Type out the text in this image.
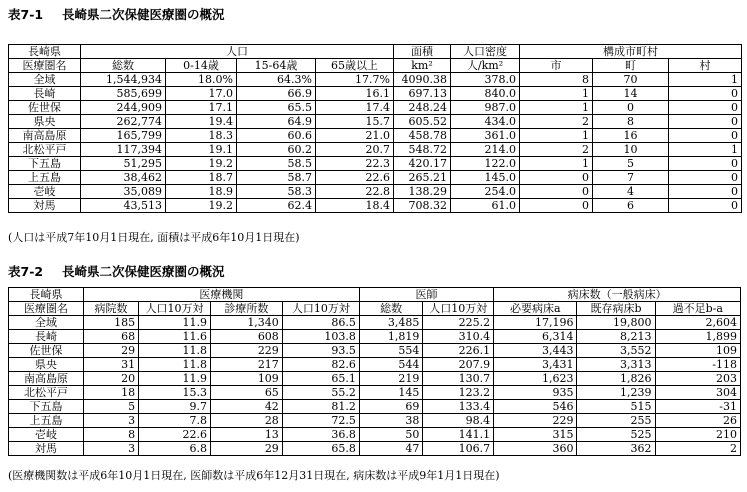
表7-1 長崎県二次保健医療圏の概況
長崎県	人口				面積	人口密度	構成市町村		
医療圏名	総数	0-14歳	15-64歳	65歳以上	km²	人/km²	市	町	村
全域	1,544,934	18.0%	64.3%	17.7%	4090.38	378.0	8	70	1
長崎	585,699	17.0	66.9	16.1	697.13	840.0	1	14	0
佐世保	244,909	17.1	65.5	17.4	248.24	987.0	1	0	0
県央	262,774	19.4	64.9	15.7	605.52	434.0	2	8	0
南高島原	165,799	18.3	60.6	21.0	458.78	361.0	1	16	0
北松平戸	117,394	19.1	60.2	20.7	548.72	214.0	2	10	1
下五島	51,295	19.2	58.5	22.3	420.17	122.0	1	5	0
上五島	38,462	18.7	58.7	22.6	265.21	145.0	0	7	0
壱岐	35,089	18.9	58.3	22.8	138.29	254.0	0	4	0
対馬	43,513	19.2	62.4	18.4	708.32	61.0	0	6	0
(人口は平成7年10月1日現在, 面積は平成6年10月1日現在)
表7-2 長崎県二次保健医療圏の概況
長崎県	医療機関				医師		病床数（一般病床）		
医療圏名	病院数	人口10万対	診療所数	人口10万対	総数	人口10万対	必要病床a	既存病床b	過不足b-a
全域	185	11.9	1,340	86.5	3,485	225.2	17,196	19,800	2,604
長崎	68	11.6	608	103.8	1,819	310.4	6,314	8,213	1,899
佐世保	29	11.8	229	93.5	554	226.1	3,443	3,552	109
県央	31	11.8	217	82.6	544	207.9	3,431	3,313	-118
南高島原	20	11.9	109	65.1	219	130.7	1,623	1,826	203
北松平戸	18	15.3	65	55.2	145	123.2	935	1,239	304
下五島	5	9.7	42	81.2	69	133.4	546	515	-31
上五島	3	7.8	28	72.5	38	98.4	229	255	26
壱岐	8	22.6	13	36.8	50	141.1	315	525	210
対馬	3	6.8	29	65.8	47	106.7	360	362	2
(医療機関数は平成6年10月1日現在, 医師数は平成6年12月31日現在, 病床数は平成9年1月1日現在)
